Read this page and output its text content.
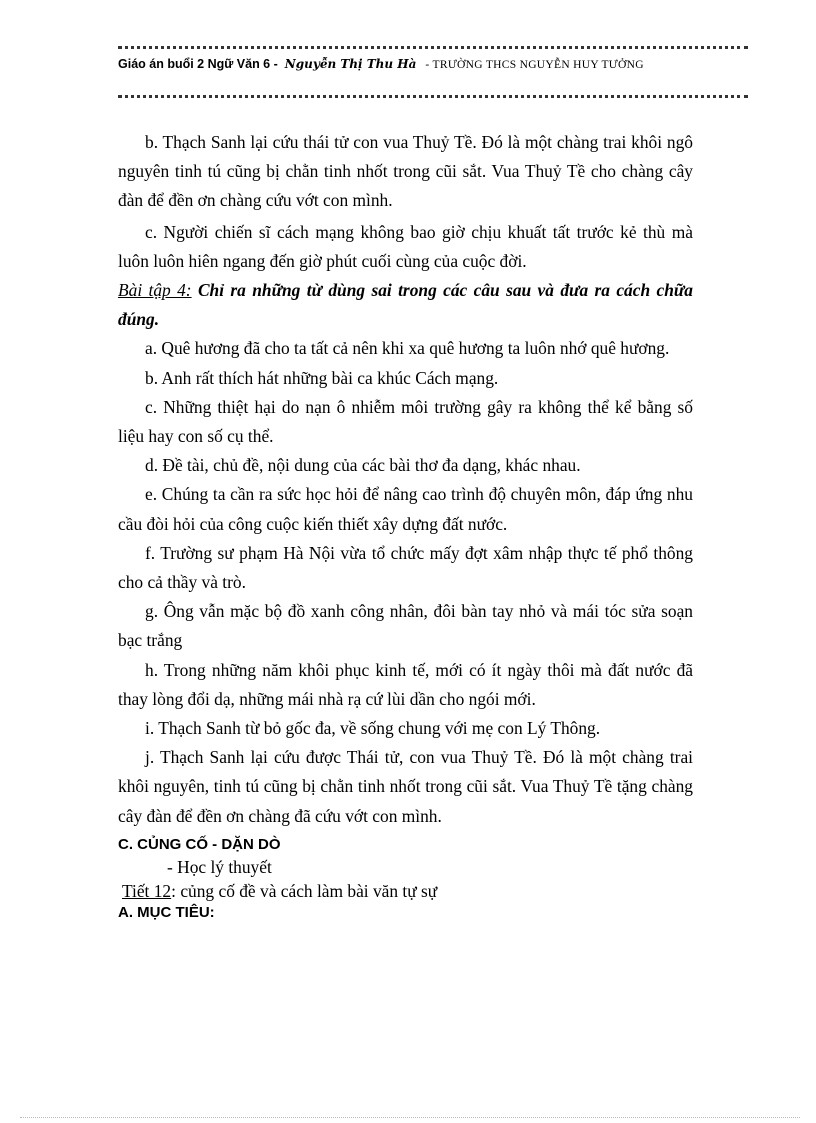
Giáo án buổi 2 Ngữ Văn 6 - Nguyễn Thị Thu Hà - TRƯỜNG THCS NGUYỄN HUY TƯỞNG

b. Thạch Sanh lại cứu thái tử con vua Thuỷ Tề. Đó là một chàng trai khôi ngô nguyên tinh tú cũng bị chằn tinh nhốt trong cũi sắt. Vua Thuỷ Tề cho chàng cây đàn để đền ơn chàng cứu vớt con mình.

c. Người chiến sĩ cách mạng không bao giờ chịu khuất tất trước kẻ thù mà luôn luôn hiên ngang đến giờ phút cuối cùng của cuộc đời.

Bài tập 4: Chỉ ra những từ dùng sai trong các câu sau và đưa ra cách chữa đúng.

a. Quê hương đã cho ta tất cả nên khi xa quê hương ta luôn nhớ quê hương.

b. Anh rất thích hát những bài ca khúc Cách mạng.

c. Những thiệt hại do nạn ô nhiễm môi trường gây ra không thể kể bằng số liệu hay con số cụ thể.

d. Đề tài, chủ đề, nội dung của các bài thơ đa dạng, khác nhau.

e. Chúng ta cần ra sức học hỏi để nâng cao trình độ chuyên môn, đáp ứng nhu cầu đòi hỏi của công cuộc kiến thiết xây dựng đất nước.

f. Trường sư phạm Hà Nội vừa tổ chức mấy đợt xâm nhập thực tế phổ thông cho cả thầy và trò.

g. Ông vẫn mặc bộ đồ xanh công nhân, đôi bàn tay nhỏ và mái tóc sửa soạn bạc trắng

h. Trong những năm khôi phục kinh tế, mới có ít ngày thôi mà đất nước đã thay lòng đổi dạ, những mái nhà rạ cứ lùi dần cho ngói mới.

i. Thạch Sanh từ bỏ gốc đa, về sống chung với mẹ con Lý Thông.

j. Thạch Sanh lại cứu được Thái tử, con vua Thuỷ Tề. Đó là một chàng trai khôi nguyên, tinh tú cũng bị chằn tinh nhốt trong cũi sắt. Vua Thuỷ Tề tặng chàng cây đàn để đền ơn chàng đã cứu vớt con mình.

C. CỦNG CỐ - DẶN DÒ

- Học lý thuyết

Tiết 12: củng cố đề và cách làm bài văn tự sự

A. MỤC TIÊU:
